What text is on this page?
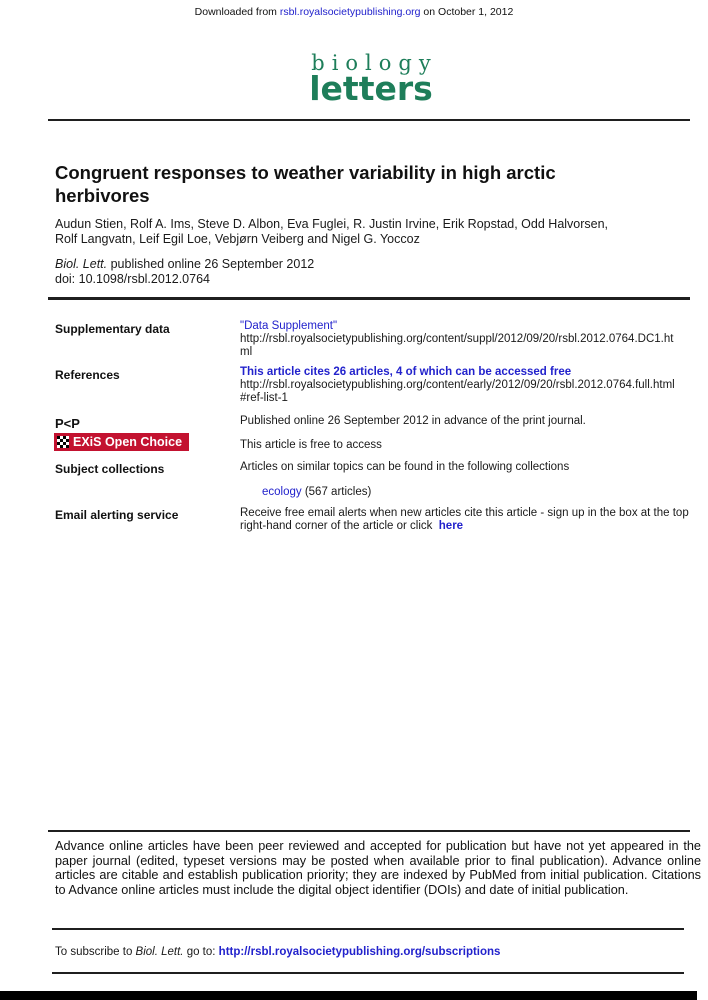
Downloaded from rsbl.royalsocietypublishing.org on October 1, 2012
biology
letters
Congruent responses to weather variability in high arctic
herbivores
Audun Stien, Rolf A. Ims, Steve D. Albon, Eva Fuglei, R. Justin Irvine, Erik Ropstad, Odd Halvorsen,
Rolf Langvatn, Leif Egil Loe, Vebjørn Veiberg and Nigel G. Yoccoz
Biol. Lett. published online 26 September 2012
doi: 10.1098/rsbl.2012.0764
Supplementary data	"Data Supplement"
http://rsbl.royalsocietypublishing.org/content/suppl/2012/09/20/rsbl.2012.0764.DC1.ht
ml
References	This article cites 26 articles, 4 of which can be accessed free
http://rsbl.royalsocietypublishing.org/content/early/2012/09/20/rsbl.2012.0764.full.html
#ref-list-1
P<P	Published online 26 September 2012 in advance of the print journal.
EXiS Open Choice	This article is free to access
Subject collections	Articles on similar topics can be found in the following collections
ecology (567 articles)
Email alerting service	Receive free email alerts when new articles cite this article - sign up in the box at the top
right-hand corner of the article or click here
Advance online articles have been peer reviewed and accepted for publication but have not yet appeared in the paper journal (edited, typeset versions may be posted when available prior to final publication). Advance online articles are citable and establish publication priority; they are indexed by PubMed from initial publication. Citations to Advance online articles must include the digital object identifier (DOIs) and date of initial publication.
To subscribe to Biol. Lett. go to: http://rsbl.royalsocietypublishing.org/subscriptions
